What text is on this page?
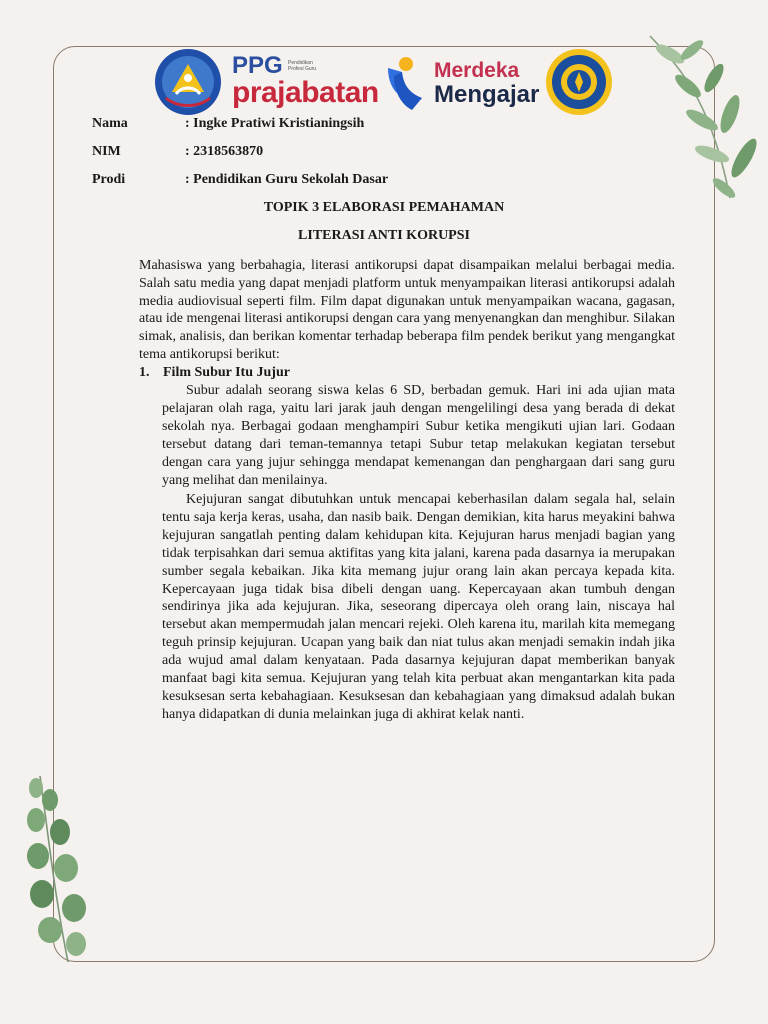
PPG
prajabatan
Pendidikan Profesi Guru	Merdeka
Mengajar
Nama	: Ingke Pratiwi Kristianingsih
NIM	: 2318563870
Prodi	: Pendidikan Guru Sekolah Dasar
TOPIK 3 ELABORASI PEMAHAMAN
LITERASI ANTI KORUPSI

Mahasiswa yang berbahagia, literasi antikorupsi dapat disampaikan melalui berbagai media. Salah satu media yang dapat menjadi platform untuk menyampaikan literasi antikorupsi adalah media audiovisual seperti film. Film dapat digunakan untuk menyampaikan wacana, gagasan, atau ide mengenai literasi antikorupsi dengan cara yang menyenangkan dan menghibur. Silakan simak, analisis, dan berikan komentar terhadap beberapa film pendek berikut yang mengangkat tema antikorupsi berikut:

1. Film Subur Itu Jujur

Subur adalah seorang siswa kelas 6 SD, berbadan gemuk. Hari ini ada ujian mata pelajaran olah raga, yaitu lari jarak jauh dengan mengelilingi desa yang berada di dekat sekolah nya. Berbagai godaan menghampiri Subur ketika mengikuti ujian lari. Godaan tersebut datang dari teman-temannya tetapi Subur tetap melakukan kegiatan tersebut dengan cara yang jujur sehingga mendapat kemenangan dan penghargaan dari sang guru yang melihat dan menilainya.

Kejujuran sangat dibutuhkan untuk mencapai keberhasilan dalam segala hal, selain tentu saja kerja keras, usaha, dan nasib baik. Dengan demikian, kita harus meyakini bahwa kejujuran sangatlah penting dalam kehidupan kita. Kejujuran harus menjadi bagian yang tidak terpisahkan dari semua aktifitas yang kita jalani, karena pada dasarnya ia merupakan sumber segala kebaikan. Jika kita memang jujur orang lain akan percaya kepada kita. Kepercayaan juga tidak bisa dibeli dengan uang. Kepercayaan akan tumbuh dengan sendirinya jika ada kejujuran. Jika, seseorang dipercaya oleh orang lain, niscaya hal tersebut akan mempermudah jalan mencari rejeki. Oleh karena itu, marilah kita memegang teguh prinsip kejujuran. Ucapan yang baik dan niat tulus akan menjadi semakin indah jika ada wujud amal dalam kenyataan. Pada dasarnya kejujuran dapat memberikan banyak manfaat bagi kita semua. Kejujuran yang telah kita perbuat akan mengantarkan kita pada kesuksesan serta kebahagiaan. Kesuksesan dan kebahagiaan yang dimaksud adalah bukan hanya didapatkan di dunia melainkan juga di akhirat kelak nanti.
